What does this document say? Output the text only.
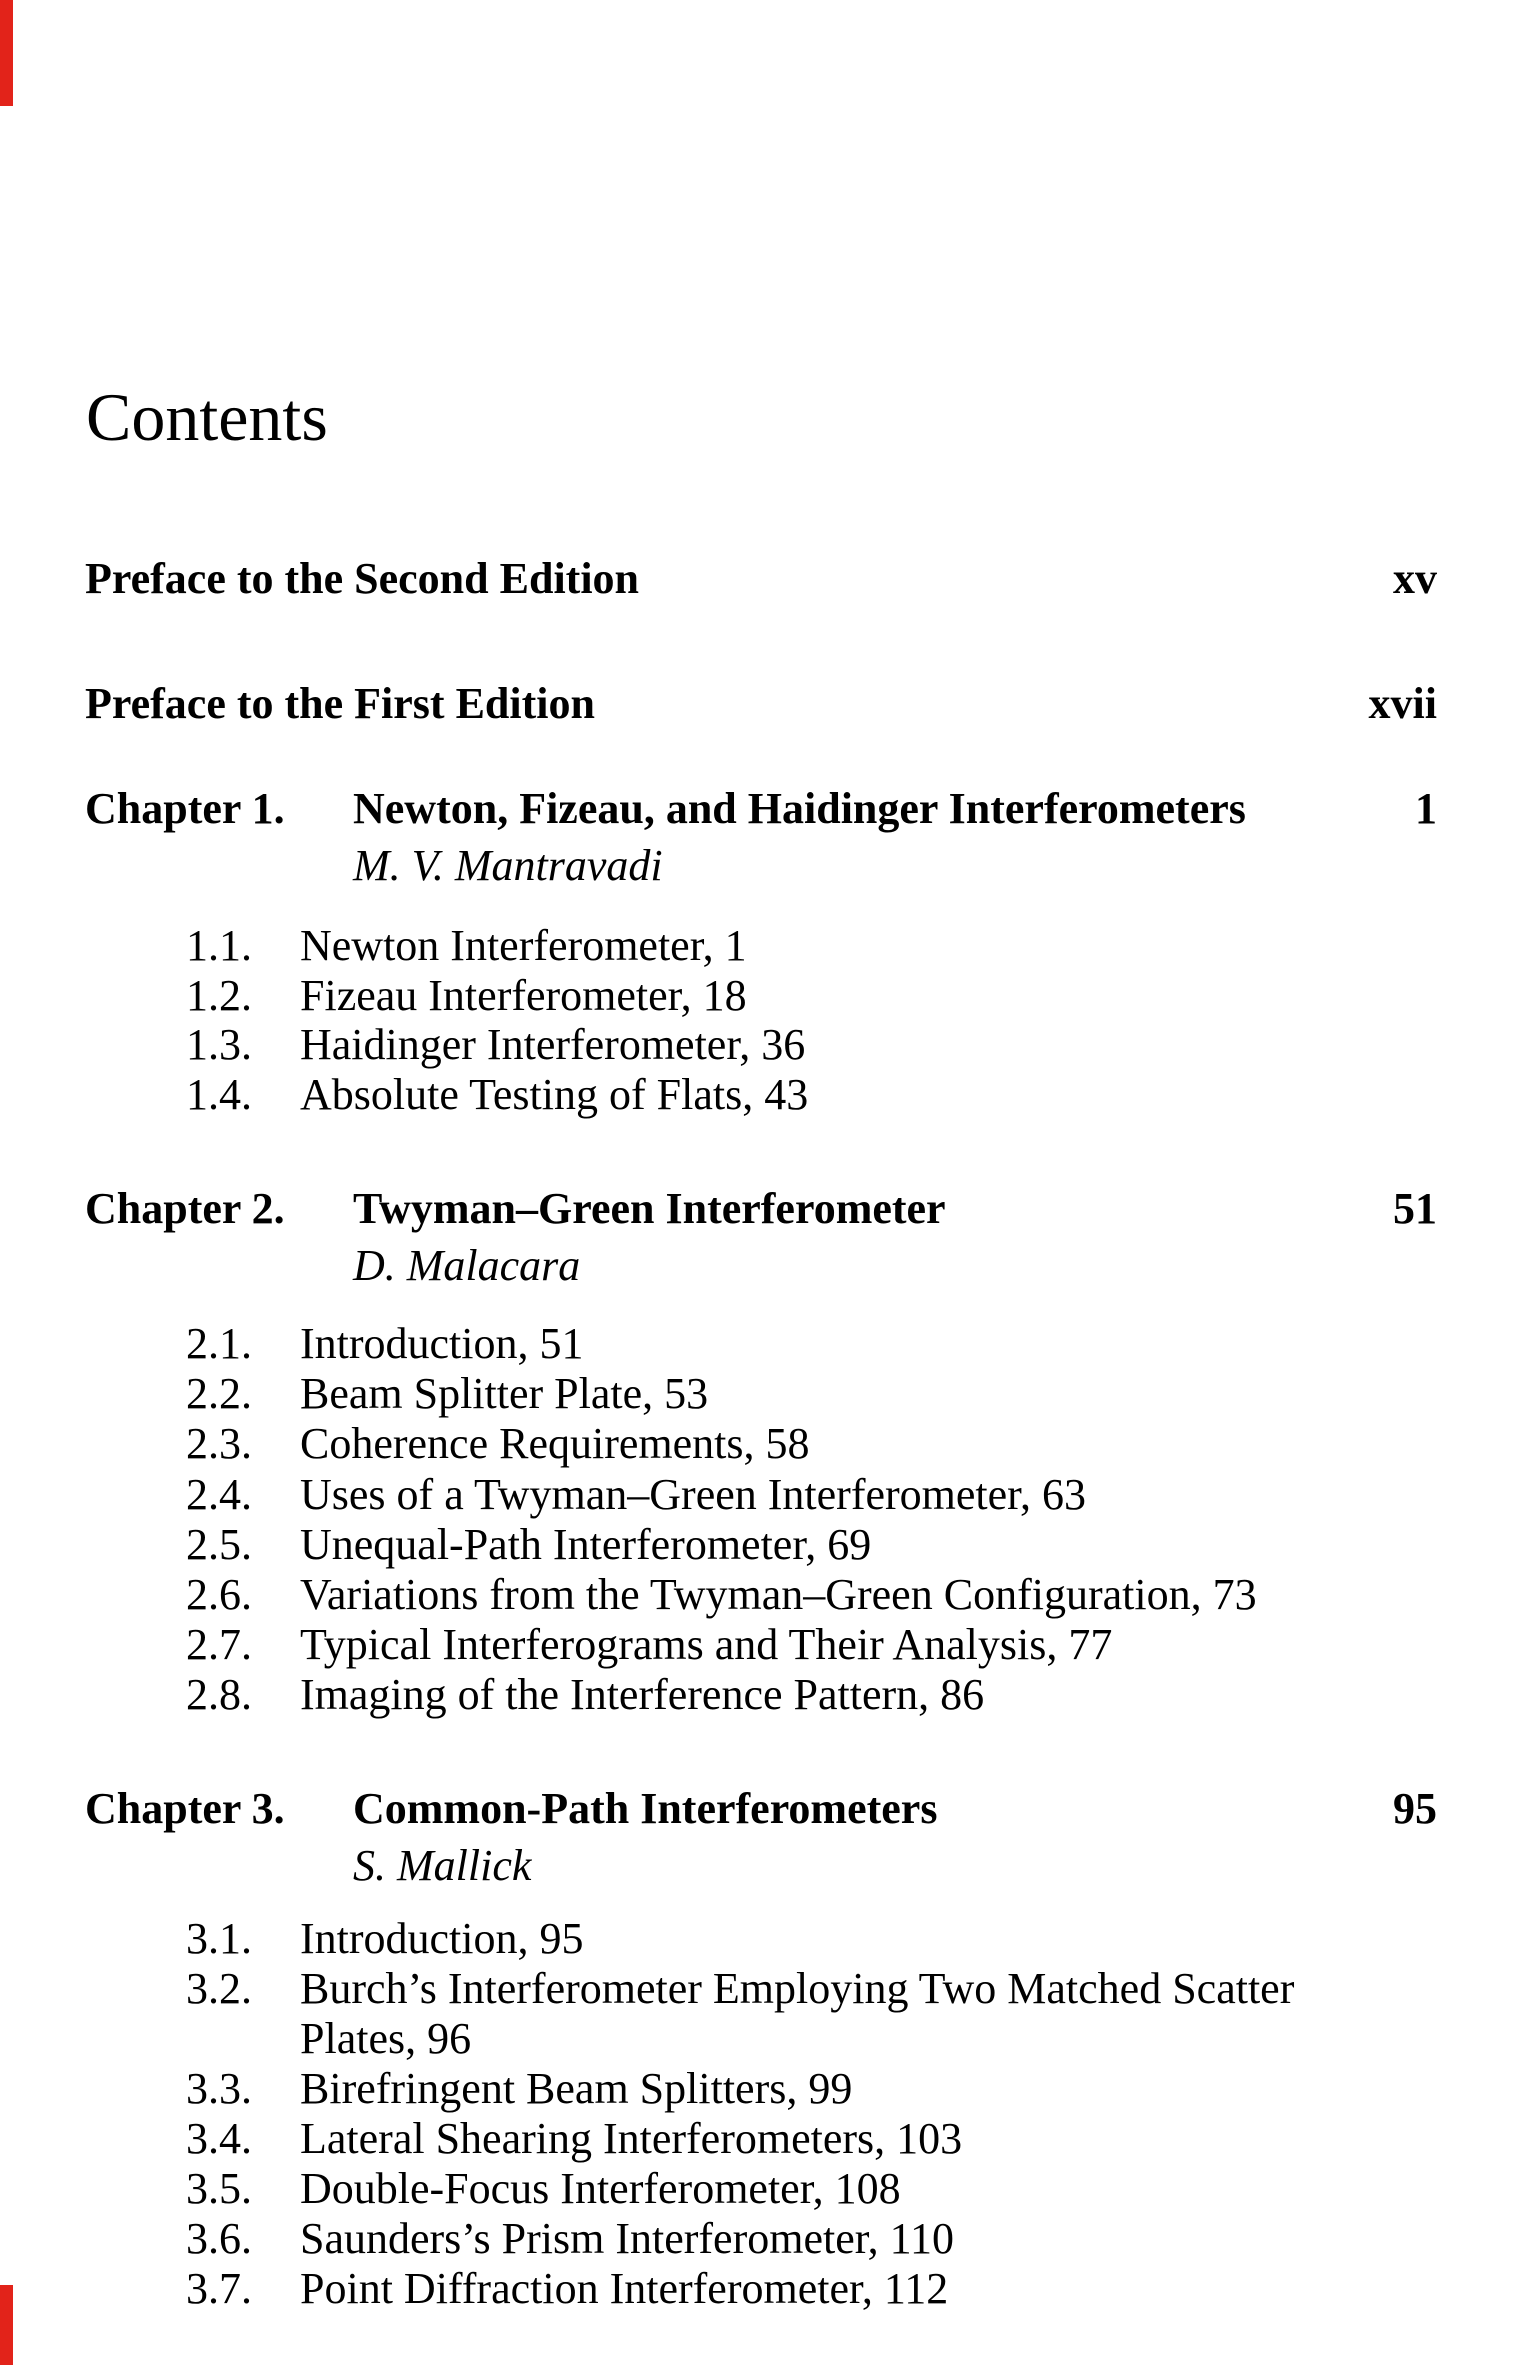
Contents
Preface to the Second Edition	xv
Preface to the First Edition	xvii
Chapter 1.	Newton, Fizeau, and Haidinger Interferometers	1
M. V. Mantravadi
1.1.	Newton Interferometer, 1
1.2.	Fizeau Interferometer, 18
1.3.	Haidinger Interferometer, 36
1.4.	Absolute Testing of Flats, 43
Chapter 2.	Twyman–Green Interferometer	51
D. Malacara
2.1.	Introduction, 51
2.2.	Beam Splitter Plate, 53
2.3.	Coherence Requirements, 58
2.4.	Uses of a Twyman–Green Interferometer, 63
2.5.	Unequal-Path Interferometer, 69
2.6.	Variations from the Twyman–Green Configuration, 73
2.7.	Typical Interferograms and Their Analysis, 77
2.8.	Imaging of the Interference Pattern, 86
Chapter 3.	Common-Path Interferometers	95
S. Mallick
3.1.	Introduction, 95
3.2.	Burch’s Interferometer Employing Two Matched Scatter
Plates, 96
3.3.	Birefringent Beam Splitters, 99
3.4.	Lateral Shearing Interferometers, 103
3.5.	Double-Focus Interferometer, 108
3.6.	Saunders’s Prism Interferometer, 110
3.7.	Point Diffraction Interferometer, 112
